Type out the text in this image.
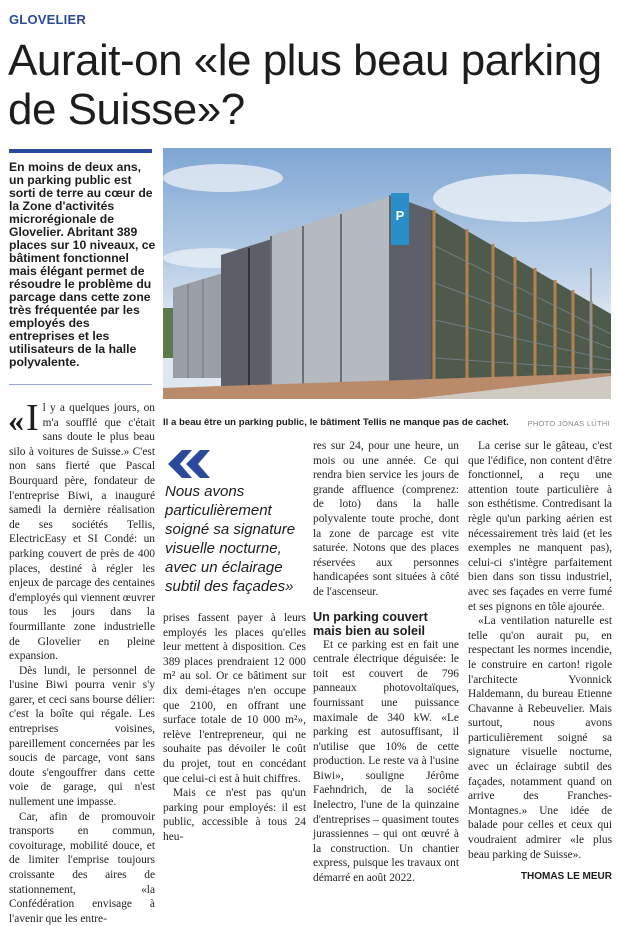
GLOVELIER
Aurait-on «le plus beau parking de Suisse»?

En moins de deux ans, un parking public est sorti de terre au cœur de la Zone d'activités microrégionale de Glovelier. Abritant 389 places sur 10 niveaux, ce bâtiment fonctionnel mais élégant permet de résoudre le problème du parcage dans cette zone très fréquentée par les employés des entreprises et les utilisateurs de la halle polyvalente.

P
Il a beau être un parking public, le bâtiment Tellis ne manque pas de cachet. PHOTO JONAS LÜTHI

« I l y a quelques jours, on m'a soufflé que c'était sans doute le plus beau silo à voitures de Suisse.» C'est non sans fierté que Pascal Bourquard père, fondateur de l'entreprise Biwi, a inauguré samedi la dernière réalisation de ses sociétés Tellis, ElectricEasy et SI Condé: un parking couvert de près de 400 places, destiné à régler les enjeux de parcage des centaines d'employés qui viennent œuvrer tous les jours dans la fourmillante zone industrielle de Glovelier en pleine expansion.

Dès lundi, le personnel de l'usine Biwi pourra venir s'y garer, et ceci sans bourse délier: c'est la boîte qui régale. Les entreprises voisines, pareillement concernées par les soucis de parcage, vont sans doute s'engouffrer dans cette voie de garage, qui n'est nullement une impasse.

Car, afin de promouvoir transports en commun, covoiturage, mobilité douce, et de limiter l'emprise toujours croissante des aires de stationnement, «la Confédération envisage à l'avenir que les entre-

Nous avons particulièrement soigné sa signature visuelle nocturne, avec un éclairage subtil des façades»

prises fassent payer à leurs employés les places qu'elles leur mettent à disposition. Ces 389 places prendraient 12 000 m² au sol. Or ce bâtiment sur dix demi-étages n'en occupe que 2100, en offrant une surface totale de 10 000 m²», relève l'entrepreneur, qui ne souhaite pas dévoiler le coût du projet, tout en concédant que celui-ci est à huit chiffres.

Mais ce n'est pas qu'un parking pour employés: il est public, accessible à tous 24 heu-

res sur 24, pour une heure, un mois ou une année. Ce qui rendra bien service les jours de grande affluence (comprenez: de loto) dans la halle polyvalente toute proche, dont la zone de parcage est vite saturée. Notons que des places réservées aux personnes handicapées sont situées à côté de l'ascenseur.

Un parking couvert mais bien au soleil

Et ce parking est en fait une centrale électrique déguisée: le toit est couvert de 796 panneaux photovoltaïques, fournissant une puissance maximale de 340 kW. «Le parking est autosuffisant, il n'utilise que 10% de cette production. Le reste va à l'usine Biwi», souligne Jérôme Faehndrich, de la société Inelectro, l'une de la quinzaine d'entreprises – quasiment toutes jurassiennes – qui ont œuvré à la construction. Un chantier express, puisque les travaux ont démarré en août 2022.

La cerise sur le gâteau, c'est que l'édifice, non content d'être fonctionnel, a reçu une attention toute particulière à son esthétisme. Contredisant la règle qu'un parking aérien est nécessairement très laid (et les exemples ne manquent pas), celui-ci s'intègre parfaitement bien dans son tissu industriel, avec ses façades en verre fumé et ses pignons en tôle ajourée.

«La ventilation naturelle est telle qu'on aurait pu, en respectant les normes incendie, le construire en carton! rigole l'architecte Yvonnick Haldemann, du bureau Etienne Chavanne à Rebeuvelier. Mais surtout, nous avons particulièrement soigné sa signature visuelle nocturne, avec un éclairage subtil des façades, notamment quand on arrive des Franches-Montagnes.» Une idée de balade pour celles et ceux qui voudraient admirer «le plus beau parking de Suisse».

THOMAS LE MEUR
